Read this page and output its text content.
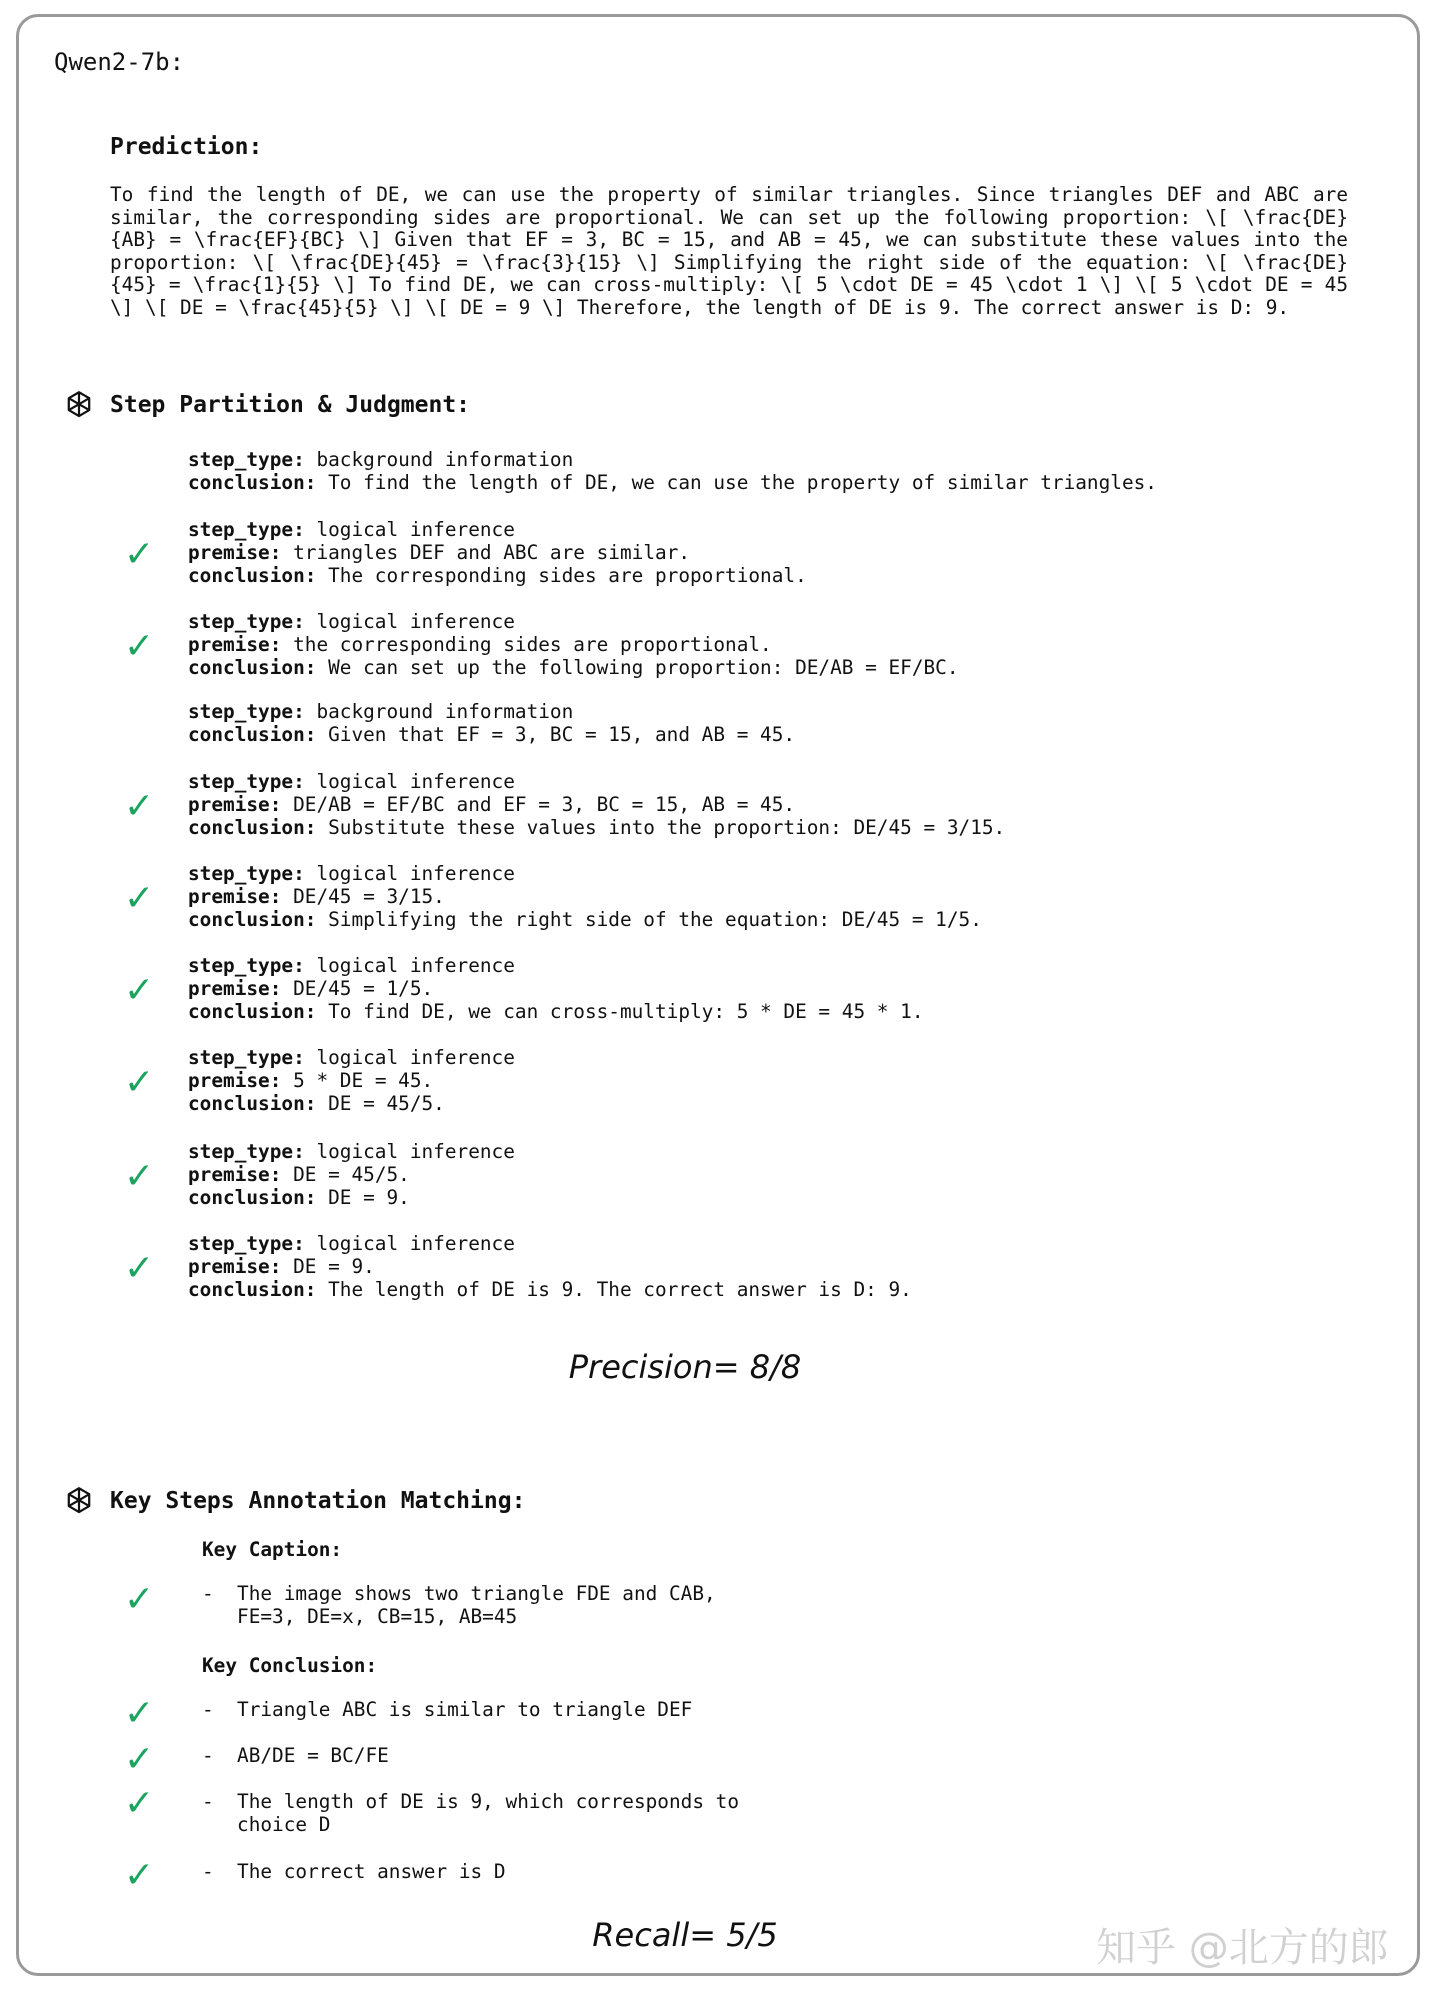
Qwen2-7b:
Prediction:
To find the length of DE, we can use the property of similar triangles. Since triangles DEF and ABC are similar, the corresponding sides are proportional. We can set up the following proportion: \[ \frac{DE}{AB} = \frac{EF}{BC} \] Given that EF = 3, BC = 15, and AB = 45, we can substitute these values into the proportion: \[ \frac{DE}{45} = \frac{3}{15} \] Simplifying the right side of the equation: \[ \frac{DE}{45} = \frac{1}{5} \] To find DE, we can cross-multiply: \[ 5 \cdot DE = 45 \cdot 1 \] \[ 5 \cdot DE = 45 \] \[ DE = \frac{45}{5} \] \[ DE = 9 \] Therefore, the length of DE is 9. The correct answer is D: 9.
Step Partition & Judgment:
step_type: background information
conclusion: To find the length of DE, we can use the property of similar triangles.
step_type: logical inference
premise: triangles DEF and ABC are similar.
conclusion: The corresponding sides are proportional.
✓
step_type: logical inference
premise: the corresponding sides are proportional.
conclusion: We can set up the following proportion: DE/AB = EF/BC.
✓
step_type: background information
conclusion: Given that EF = 3, BC = 15, and AB = 45.
step_type: logical inference
premise: DE/AB = EF/BC and EF = 3, BC = 15, AB = 45.
conclusion: Substitute these values into the proportion: DE/45 = 3/15.
✓
step_type: logical inference
premise: DE/45 = 3/15.
conclusion: Simplifying the right side of the equation: DE/45 = 1/5.
✓
step_type: logical inference
premise: DE/45 = 1/5.
conclusion: To find DE, we can cross-multiply: 5 * DE = 45 * 1.
✓
step_type: logical inference
premise: 5 * DE = 45.
conclusion: DE = 45/5.
✓
step_type: logical inference
premise: DE = 45/5.
conclusion: DE = 9.
✓
step_type: logical inference
premise: DE = 9.
conclusion: The length of DE is 9. The correct answer is D: 9.
✓
Precision= 8/8
Key Steps Annotation Matching:
Key Caption:
✓ -  The image shows two triangle FDE and CAB,
FE=3, DE=x, CB=15, AB=45
Key Conclusion:
✓ -  Triangle ABC is similar to triangle DEF
✓ -  AB/DE = BC/FE
✓ -  The length of DE is 9, which corresponds to
choice D
✓ -  The correct answer is D
Recall= 5/5	知乎 @北方的郎
